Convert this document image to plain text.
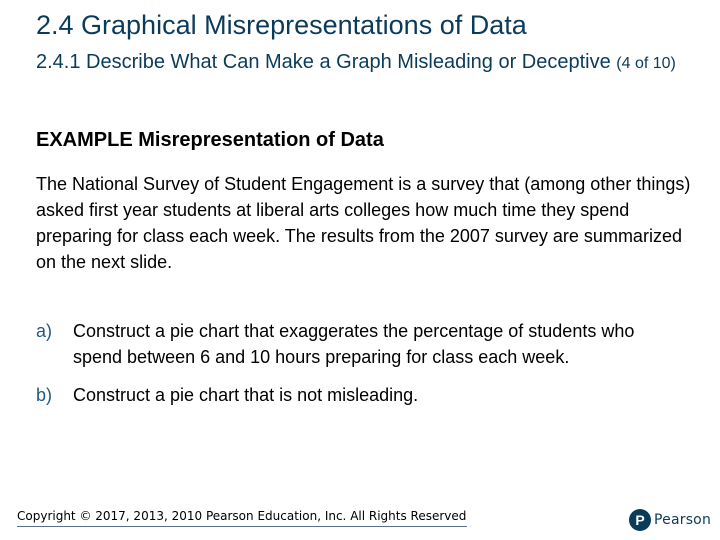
2.4 Graphical Misrepresentations of Data
2.4.1 Describe What Can Make a Graph Misleading or Deceptive (4 of 10)
EXAMPLE Misrepresentation of Data

The National Survey of Student Engagement is a survey that (among other things) asked first year students at liberal arts colleges how much time they spend preparing for class each week. The results from the 2007 survey are summarized on the next slide.

a) Construct a pie chart that exaggerates the percentage of students who spend between 6 and 10 hours preparing for class each week.
b) Construct a pie chart that is not misleading.
Copyright © 2017, 2013, 2010 Pearson Education, Inc. All Rights Reserved	P Pearson
